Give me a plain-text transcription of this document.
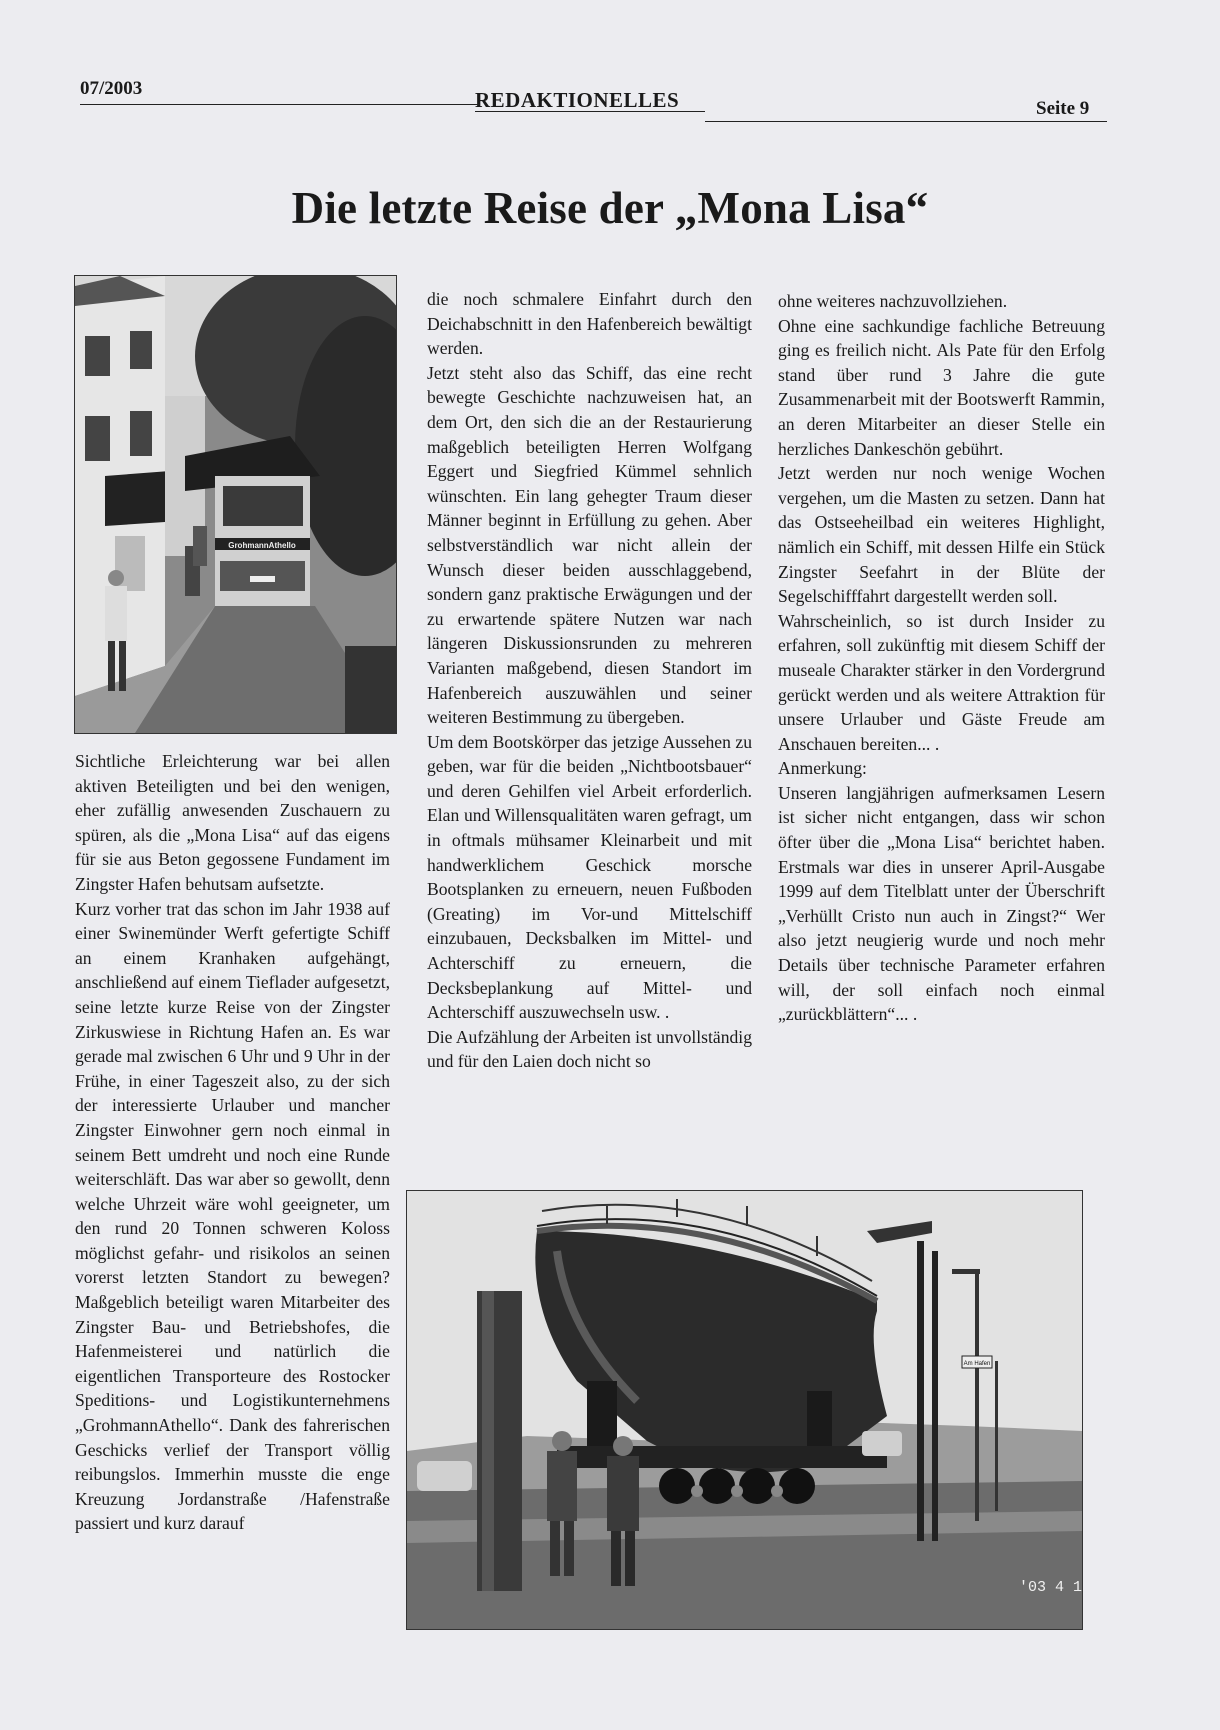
07/2003	REDAKTIONELLES	Seite 9
Die letzte Reise der „Mona Lisa“
GrohmannAthello

Sichtliche Erleichterung war bei allen aktiven Beteiligten und bei den wenigen, eher zufällig anwesenden Zuschauern zu spüren, als die „Mona Lisa“ auf das eigens für sie aus Beton gegossene Fundament im Zingster Hafen behutsam aufsetzte.

Kurz vorher trat das schon im Jahr 1938 auf einer Swinemünder Werft gefertigte Schiff an einem Kranhaken aufgehängt, anschließend auf einem Tieflader aufgesetzt, seine letzte kurze Reise von der Zingster Zirkuswiese in Richtung Hafen an. Es war gerade mal zwischen 6 Uhr und 9 Uhr in der Frühe, in einer Tageszeit also, zu der sich der interessierte Urlauber und mancher Zingster Einwohner gern noch einmal in seinem Bett umdreht und noch eine Runde weiterschläft. Das war aber so gewollt, denn welche Uhrzeit wäre wohl geeigneter, um den rund 20 Tonnen schweren Koloss möglichst gefahr- und risikolos an seinen vorerst letzten Standort zu bewegen? Maßgeblich beteiligt waren Mitarbeiter des Zingster Bau- und Betriebshofes, die Hafenmeisterei und natürlich die eigentlichen Transporteure des Rostocker Speditions- und Logistikunternehmens „GrohmannAthello“. Dank des fahrerischen Geschicks verlief der Transport völlig reibungslos. Immerhin musste die enge Kreuzung Jordanstraße /Hafenstraße passiert und kurz darauf

die noch schmalere Einfahrt durch den Deichabschnitt in den Hafenbereich bewältigt werden.

Jetzt steht also das Schiff, das eine recht bewegte Geschichte nachzuweisen hat, an dem Ort, den sich die an der Restaurierung maßgeblich beteiligten Herren Wolfgang Eggert und Siegfried Kümmel sehnlich wünschten. Ein lang gehegter Traum dieser Männer beginnt in Erfüllung zu gehen. Aber selbstverständlich war nicht allein der Wunsch dieser beiden ausschlaggebend, sondern ganz praktische Erwägungen und der zu erwartende spätere Nutzen war nach längeren Diskussionsrunden zu mehreren Varianten maßgebend, diesen Standort im Hafenbereich auszuwählen und seiner weiteren Bestimmung zu übergeben.

Um dem Bootskörper das jetzige Aussehen zu geben, war für die beiden „Nichtbootsbauer“ und deren Gehilfen viel Arbeit erforderlich. Elan und Willensqualitäten waren gefragt, um in oftmals mühsamer Kleinarbeit und mit handwerklichem Geschick morsche Bootsplanken zu erneuern, neuen Fußboden (Greating) im Vor-und Mittelschiff einzubauen, Decksbalken im Mittel- und Achterschiff zu erneuern, die Decksbeplankung auf Mittel- und Achterschiff auszuwechseln usw. .

Die Aufzählung der Arbeiten ist unvollständig und für den Laien doch nicht so

ohne weiteres nachzuvollziehen.

Ohne eine sachkundige fachliche Betreuung ging es freilich nicht. Als Pate für den Erfolg stand über rund 3 Jahre die gute Zusammenarbeit mit der Bootswerft Rammin, an deren Mitarbeiter an dieser Stelle ein herzliches Dankeschön gebührt.

Jetzt werden nur noch wenige Wochen vergehen, um die Masten zu setzen. Dann hat das Ostseeheilbad ein weiteres Highlight, nämlich ein Schiff, mit dessen Hilfe ein Stück Zingster Seefahrt in der Blüte der Segelschifffahrt dargestellt werden soll.

Wahrscheinlich, so ist durch Insider zu erfahren, soll zukünftig mit diesem Schiff der museale Charakter stärker in den Vordergrund gerückt werden und als weitere Attraktion für unsere Urlauber und Gäste Freude am Anschauen bereiten... .

Anmerkung:

Unseren langjährigen aufmerksamen Lesern ist sicher nicht entgangen, dass wir schon öfter über die „Mona Lisa“ berichtet haben. Erstmals war dies in unserer April-Ausgabe 1999 auf dem Titelblatt unter der Überschrift „Verhüllt Cristo nun auch in Zingst?“ Wer also jetzt neugierig wurde und noch mehr Details über technische Parameter erfahren will, der soll einfach noch einmal „zurückblättern“... .

Am Hafen
'03 4 1
